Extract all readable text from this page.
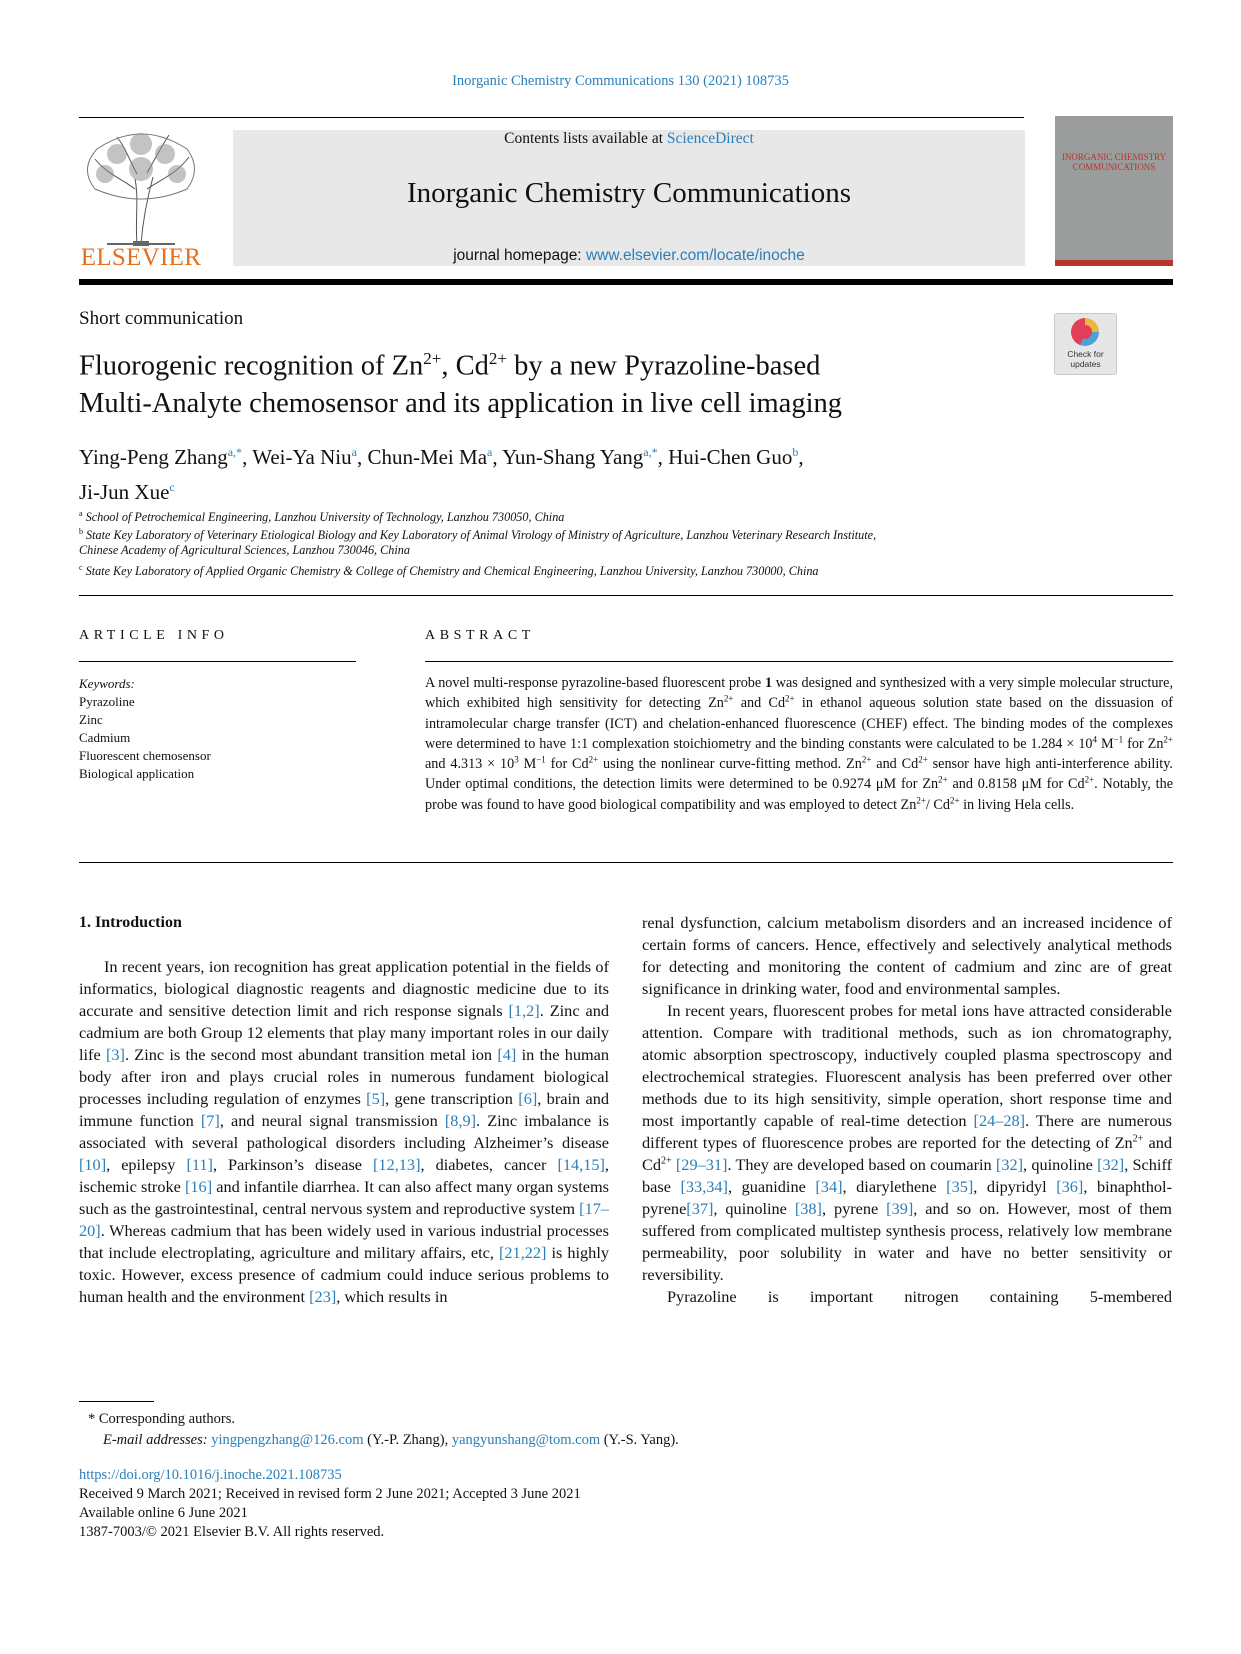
Inorganic Chemistry Communications 130 (2021) 108735
ELSEVIER
Contents lists available at ScienceDirect
Inorganic Chemistry Communications
journal homepage: www.elsevier.com/locate/inoche
INORGANIC CHEMISTRY COMMUNICATIONS
Short communication
Check for updates
Fluorogenic recognition of $Zn^{2+}$, $Cd^{2+}$ by a new Pyrazoline-based
Multi-Analyte chemosensor and its application in live cell imaging
Ying-Peng Zhang$^{a,*}$, Wei-Ya Niu$^a$, Chun-Mei Ma$^a$, Yun-Shang Yang$^{a,*}$, Hui-Chen Guo$^b$,
Ji-Jun Xue$^c$
$^a$ School of Petrochemical Engineering, Lanzhou University of Technology, Lanzhou 730050, China
$^b$ State Key Laboratory of Veterinary Etiological Biology and Key Laboratory of Animal Virology of Ministry of Agriculture, Lanzhou Veterinary Research Institute,
Chinese Academy of Agricultural Sciences, Lanzhou 730046, China
$^c$ State Key Laboratory of Applied Organic Chemistry & College of Chemistry and Chemical Engineering, Lanzhou University, Lanzhou 730000, China
ARTICLE INFO
Keywords:
Pyrazoline
Zinc
Cadmium
Fluorescent chemosensor
Biological application
ABSTRACT
A novel multi-response pyrazoline-based fluorescent probe 1 was designed and synthesized with a very simple molecular structure, which exhibited high sensitivity for detecting $Zn^{2+}$ and $Cd^{2+}$ in ethanol aqueous solution state based on the dissuasion of intramolecular charge transfer (ICT) and chelation-enhanced fluorescence (CHEF) effect. The binding modes of the complexes were determined to have 1:1 complexation stoichiometry and the binding constants were calculated to be $1.284 \times 10^4$ $M^{-1}$ for $Zn^{2+}$ and $4.313 \times 10^3$ $M^{-1}$ for $Cd^{2+}$ using the nonlinear curve-fitting method. $Zn^{2+}$ and $Cd^{2+}$ sensor have high anti-interference ability. Under optimal conditions, the detection limits were determined to be 0.9274 μM for $Zn^{2+}$ and 0.8158 μM for $Cd^{2+}$. Notably, the probe was found to have good biological compatibility and was employed to detect $Zn^{2+}/$ $Cd^{2+}$ in living Hela cells.
1. Introduction

In recent years, ion recognition has great application potential in the fields of informatics, biological diagnostic reagents and diagnostic medicine due to its accurate and sensitive detection limit and rich response signals [1,2]. Zinc and cadmium are both Group 12 elements that play many important roles in our daily life [3]. Zinc is the second most abundant transition metal ion [4] in the human body after iron and plays crucial roles in numerous fundament biological processes including regulation of enzymes [5], gene transcription [6], brain and immune function [7], and neural signal transmission [8,9]. Zinc imbalance is associated with several pathological disorders including Alzheimer’s disease [10], epilepsy [11], Parkinson’s disease [12,13], diabetes, cancer [14,15], ischemic stroke [16] and infantile diarrhea. It can also affect many organ systems such as the gastrointestinal, central nervous system and reproductive system [17–20]. Whereas cadmium that has been widely used in various industrial processes that include electroplating, agriculture and military affairs, etc, [21,22] is highly toxic. However, excess presence of cadmium could induce serious problems to human health and the environment [23], which results in

renal dysfunction, calcium metabolism disorders and an increased incidence of certain forms of cancers. Hence, effectively and selectively analytical methods for detecting and monitoring the content of cadmium and zinc are of great significance in drinking water, food and environmental samples.

In recent years, fluorescent probes for metal ions have attracted considerable attention. Compare with traditional methods, such as ion chromatography, atomic absorption spectroscopy, inductively coupled plasma spectroscopy and electrochemical strategies. Fluorescent analysis has been preferred over other methods due to its high sensitivity, simple operation, short response time and most importantly capable of real-time detection [24–28]. There are numerous different types of fluorescence probes are reported for the detecting of $Zn^{2+}$ and $Cd^{2+}$ [29–31]. They are developed based on coumarin [32], quinoline [32], Schiff base [33,34], guanidine [34], diarylethene [35], dipyridyl [36], binaphthol-pyrene[37], quinoline [38], pyrene [39], and so on. However, most of them suffered from complicated multistep synthesis process, relatively low membrane permeability, poor solubility in water and have no better sensitivity or reversibility.

Pyrazoline is important nitrogen containing 5-membered

* Corresponding authors.
E-mail addresses: yingpengzhang@126.com (Y.-P. Zhang), yangyunshang@tom.com (Y.-S. Yang).
https://doi.org/10.1016/j.inoche.2021.108735
Received 9 March 2021; Received in revised form 2 June 2021; Accepted 3 June 2021
Available online 6 June 2021
1387-7003/© 2021 Elsevier B.V. All rights reserved.
